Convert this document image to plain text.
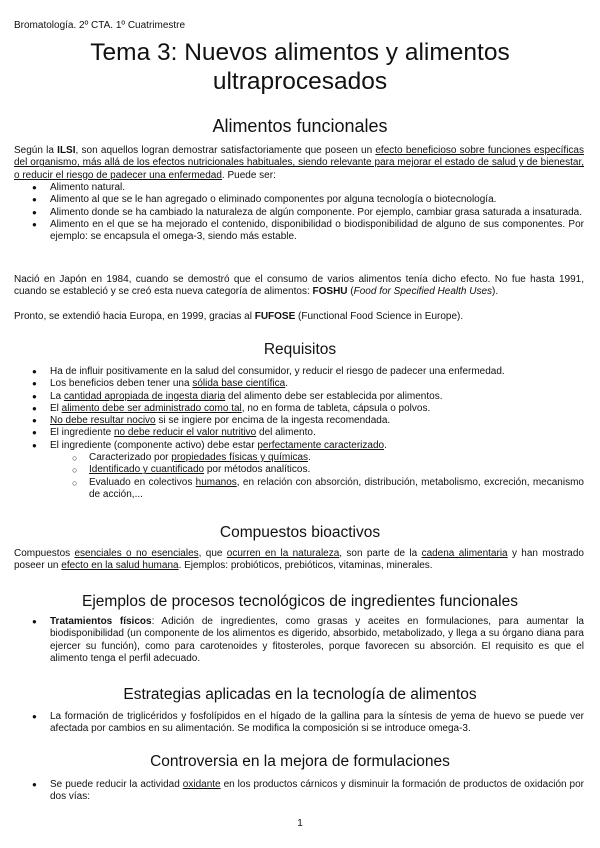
Bromatología. 2º CTA. 1º Cuatrimestre
Tema 3: Nuevos alimentos y alimentos ultraprocesados
Alimentos funcionales
Según la ILSI, son aquellos logran demostrar satisfactoriamente que poseen un efecto beneficioso sobre funciones específicas del organismo, más allá de los efectos nutricionales habituales, siendo relevante para mejorar el estado de salud y de bienestar, o reducir el riesgo de padecer una enfermedad. Puede ser:
● Alimento natural.
● Alimento al que se le han agregado o eliminado componentes por alguna tecnología o biotecnología.
● Alimento donde se ha cambiado la naturaleza de algún componente. Por ejemplo, cambiar grasa saturada a insaturada.
● Alimento en el que se ha mejorado el contenido, disponibilidad o biodisponibilidad de alguno de sus componentes. Por ejemplo: se encapsula el omega-3, siendo más estable.
Nació en Japón en 1984, cuando se demostró que el consumo de varios alimentos tenía dicho efecto. No fue hasta 1991, cuando se estableció y se creó esta nueva categoría de alimentos: FOSHU (Food for Specified Health Uses).
Pronto, se extendió hacia Europa, en 1999, gracias al FUFOSE (Functional Food Science in Europe).
Requisitos
● Ha de influir positivamente en la salud del consumidor, y reducir el riesgo de padecer una enfermedad.
● Los beneficios deben tener una sólida base científica.
● La cantidad apropiada de ingesta diaria del alimento debe ser establecida por alimentos.
● El alimento debe ser administrado como tal, no en forma de tableta, cápsula o polvos.
● No debe resultar nocivo si se ingiere por encima de la ingesta recomendada.
● El ingrediente no debe reducir el valor nutritivo del alimento.
● El ingrediente (componente activo) debe estar perfectamente caracterizado.
○ Caracterizado por propiedades físicas y químicas.
○ Identificado y cuantificado por métodos analíticos.
○ Evaluado en colectivos humanos, en relación con absorción, distribución, metabolismo, excreción, mecanismo de acción,...
Compuestos bioactivos
Compuestos esenciales o no esenciales, que ocurren en la naturaleza, son parte de la cadena alimentaria y han mostrado poseer un efecto en la salud humana. Ejemplos: probióticos, prebióticos, vitaminas, minerales.
Ejemplos de procesos tecnológicos de ingredientes funcionales
● Tratamientos físicos: Adición de ingredientes, como grasas y aceites en formulaciones, para aumentar la biodisponibilidad (un componente de los alimentos es digerido, absorbido, metabolizado, y llega a su órgano diana para ejercer su función), como para carotenoides y fitosteroles, porque favorecen su absorción. El requisito es que el alimento tenga el perfil adecuado.
Estrategias aplicadas en la tecnología de alimentos
● La formación de triglicéridos y fosfolípidos en el hígado de la gallina para la síntesis de yema de huevo se puede ver afectada por cambios en su alimentación. Se modifica la composición si se introduce omega-3.
Controversia en la mejora de formulaciones
● Se puede reducir la actividad oxidante en los productos cárnicos y disminuir la formación de productos de oxidación por dos vías:
1
